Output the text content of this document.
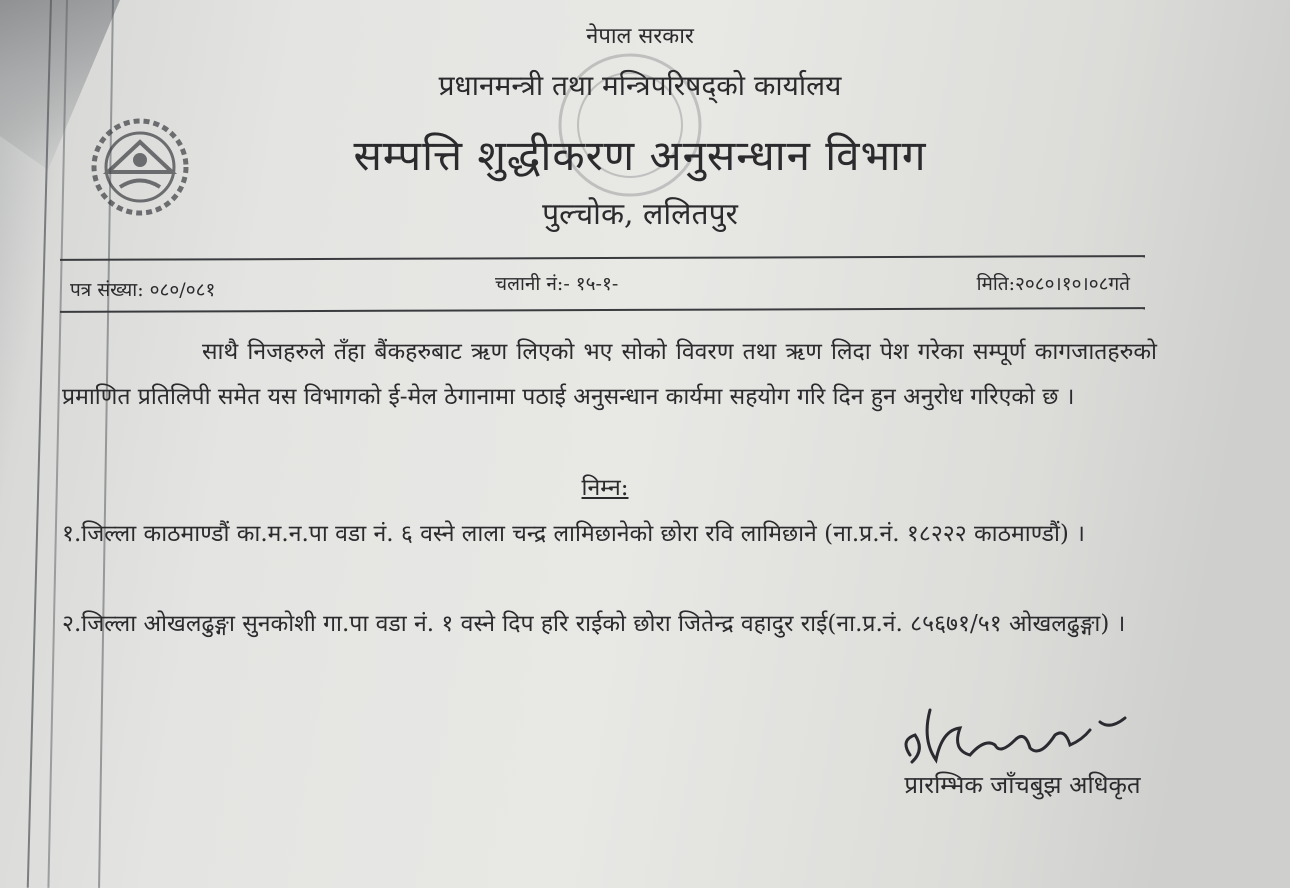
नेपाल सरकार
प्रधानमन्त्री तथा मन्त्रिपरिषद्को कार्यालय
सम्पत्ति शुद्धीकरण अनुसन्धान विभाग
पुल्चोक, ललितपुर
पत्र संख्या: ०८०/०८१	चलानी नं:- १५-१-	मिति:२०८०।१०।०८गते
साथै निजहरुले तँहा बैंकहरुबाट ऋण लिएको भए सोको विवरण तथा ऋण लिदा पेश गरेका सम्पूर्ण कागजातहरुको प्रमाणित प्रतिलिपी समेत यस विभागको ई-मेल ठेगानामा पठाई अनुसन्धान कार्यमा सहयोग गरि दिन हुन अनुरोध गरिएको छ ।
निम्न:
१.जिल्ला काठमाण्डौं का.म.न.पा वडा नं. ६ वस्ने लाला चन्द्र लामिछानेको छोरा रवि लामिछाने (ना.प्र.नं. १८२२२ काठमाण्डौं) ।
२.जिल्ला ओखलढुङ्गा सुनकोशी गा.पा वडा नं. १ वस्ने दिप हरि राईको छोरा जितेन्द्र वहादुर राई(ना.प्र.नं. ८५६७१/५१ ओखलढुङ्गा) ।
प्रारम्भिक जाँचबुझ अधिकृत
